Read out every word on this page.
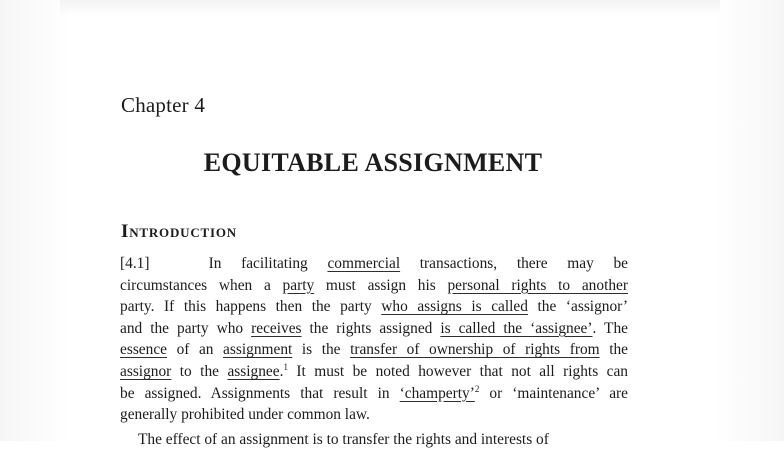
Chapter 4
EQUITABLE ASSIGNMENT
Introduction
[4.1]	In facilitating commercial transactions, there may be
circumstances when a party must assign his personal rights to another
party. If this happens then the party who assigns is called the ‘assignor’
and the party who receives the rights assigned is called the ‘assignee’. The
essence of an assignment is the transfer of ownership of rights from the
assignor to the assignee.$^1$ It must be noted however that not all rights can
be assigned. Assignments that result in ‘champerty’$^2$ or ‘maintenance’ are
generally prohibited under common law.
The effect of an assignment is to transfer the rights and interests of
